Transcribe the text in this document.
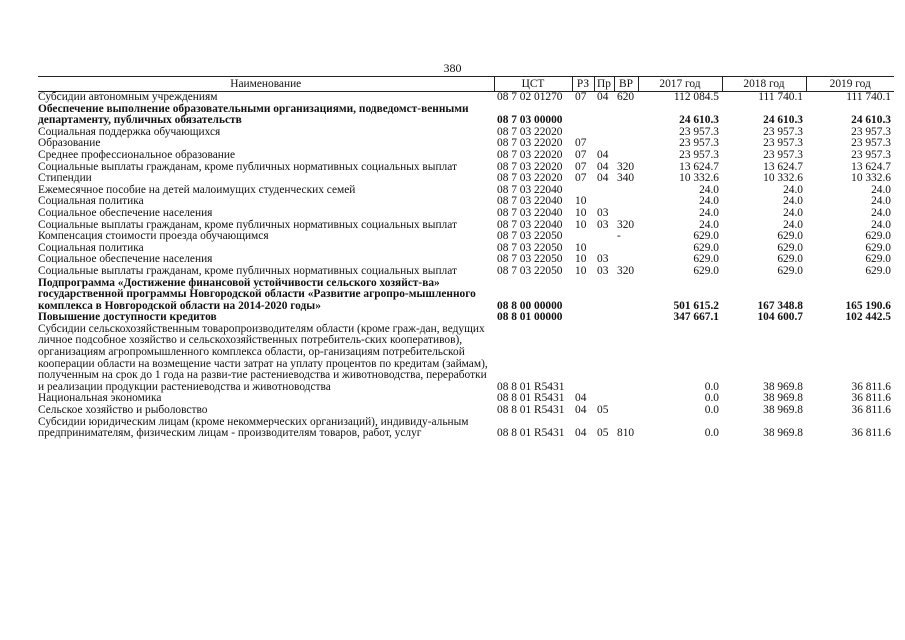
380
Наименование	ЦСТ	РЗ	Пр	ВР	2017 год	2018 год	2019 год
Субсидии автономным учреждениям	08 7 02 01270	07	04	620	112 084.5	111 740.1	111 740.1
Обеспечение выполнение образовательными организациями, подведомст-венными департаменту, публичных обязательств	08 7 03 00000				24 610.3	24 610.3	24 610.3
Социальная поддержка обучающихся	08 7 03 22020				23 957.3	23 957.3	23 957.3
Образование	08 7 03 22020	07			23 957.3	23 957.3	23 957.3
Среднее профессиональное образование	08 7 03 22020	07	04		23 957.3	23 957.3	23 957.3
Социальные выплаты гражданам, кроме публичных нормативных социальных выплат	08 7 03 22020	07	04	320	13 624.7	13 624.7	13 624.7
Стипендии	08 7 03 22020	07	04	340	10 332.6	10 332.6	10 332.6
Ежемесячное пособие на детей малоимущих студенческих семей	08 7 03 22040				24.0	24.0	24.0
Социальная политика	08 7 03 22040	10			24.0	24.0	24.0
Социальное обеспечение населения	08 7 03 22040	10	03		24.0	24.0	24.0
Социальные выплаты гражданам, кроме публичных нормативных социальных выплат	08 7 03 22040	10	03	320	24.0	24.0	24.0
Компенсация стоимости проезда обучающимся	08 7 03 22050			-	629.0	629.0	629.0
Социальная политика	08 7 03 22050	10			629.0	629.0	629.0
Социальное обеспечение населения	08 7 03 22050	10	03		629.0	629.0	629.0
Социальные выплаты гражданам, кроме публичных нормативных социальных выплат	08 7 03 22050	10	03	320	629.0	629.0	629.0
Подпрограмма «Достижение финансовой устойчивости сельского хозяйст-ва» государственной программы Новгородской области «Развитие агропро-мышленного комплекса в Новгородской области на 2014-2020 годы»	08 8 00 00000				501 615.2	167 348.8	165 190.6
Повышение доступности кредитов	08 8 01 00000				347 667.1	104 600.7	102 442.5
Субсидии сельскохозяйственным товаропроизводителям области (кроме граж-дан, ведущих личное подсобное хозяйство и сельскохозяйственных потребитель-ских кооперативов), организациям агропромышленного комплекса области, ор-ганизациям потребительской кооперации области на возмещение части затрат на уплату процентов по кредитам (займам), полученным на срок до 1 года на разви-тие растениеводства и животноводства, переработки и реализации продукции растениеводства и животноводства	08 8 01 R5431				0.0	38 969.8	36 811.6
Национальная экономика	08 8 01 R5431	04			0.0	38 969.8	36 811.6
Сельское хозяйство и рыболовство	08 8 01 R5431	04	05		0.0	38 969.8	36 811.6
Субсидии юридическим лицам (кроме некоммерческих организаций), индивиду-альным предпринимателям, физическим лицам - производителям товаров, работ, услуг	08 8 01 R5431	04	05	810	0.0	38 969.8	36 811.6
